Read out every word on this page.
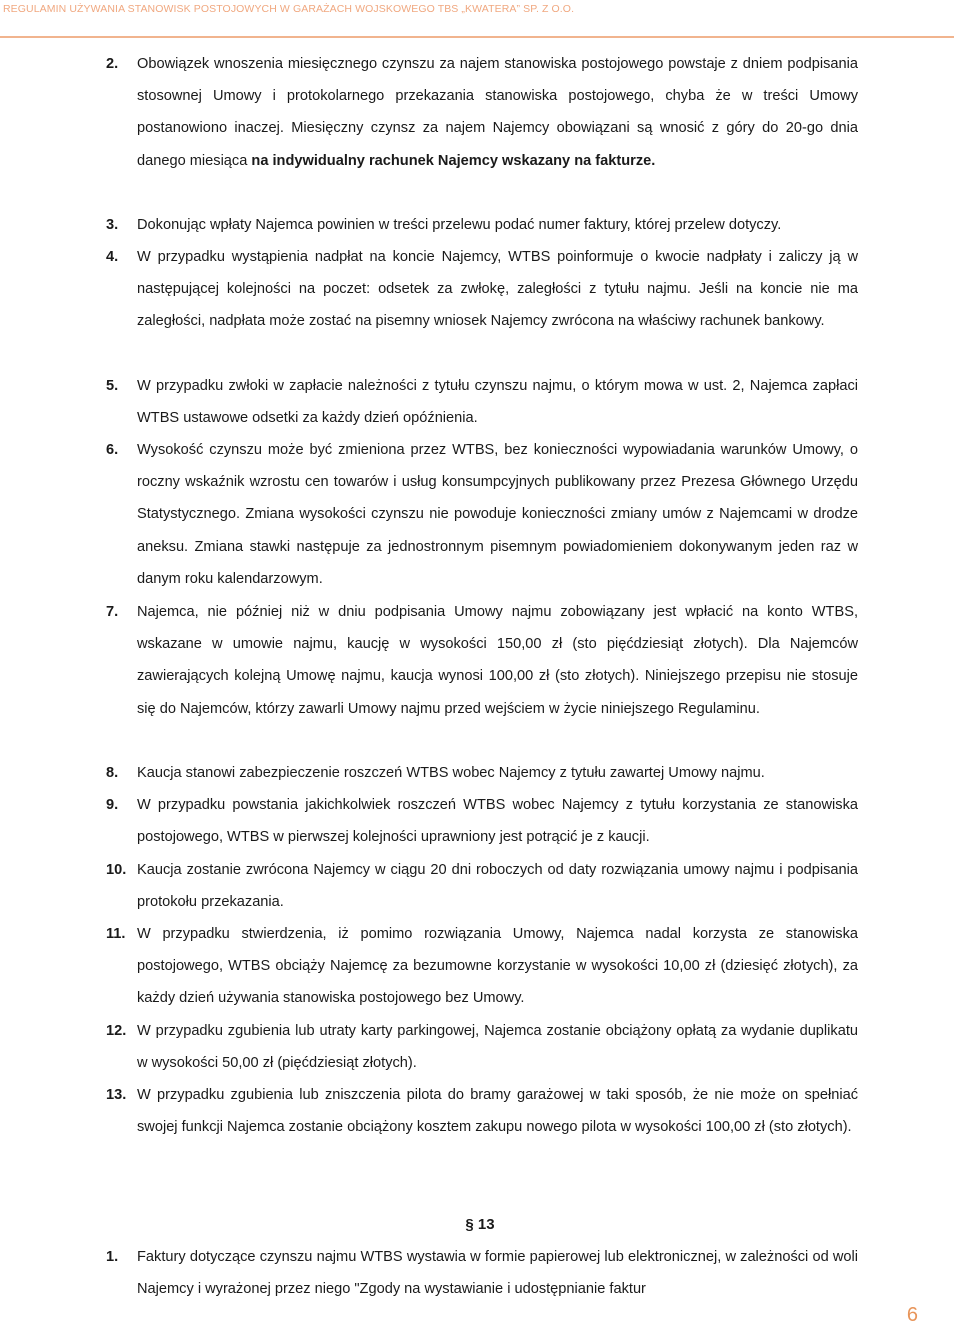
REGULAMIN UŻYWANIA STANOWISK POSTOJOWYCH W GARAŻACH WOJSKOWEGO TBS „KWATERA” SP. Z O.O.
2. Obowiązek wnoszenia miesięcznego czynszu za najem stanowiska postojowego powstaje z dniem podpisania stosownej Umowy i protokolarnego przekazania stanowiska postojowego, chyba że w treści Umowy postanowiono inaczej. Miesięczny czynsz za najem Najemcy obowiązani są wnosić z góry do 20-go dnia danego miesiąca na indywidualny rachunek Najemcy wskazany na fakturze.
3. Dokonując wpłaty Najemca powinien w treści przelewu podać numer faktury, której przelew dotyczy.
4. W przypadku wystąpienia nadpłat na koncie Najemcy, WTBS poinformuje o kwocie nadpłaty i zaliczy ją w następującej kolejności na poczet: odsetek za zwłokę, zaległości z tytułu najmu. Jeśli na koncie nie ma zaległości, nadpłata może zostać na pisemny wniosek Najemcy zwrócona na właściwy rachunek bankowy.
5. W przypadku zwłoki w zapłacie należności z tytułu czynszu najmu, o którym mowa w ust. 2, Najemca zapłaci WTBS ustawowe odsetki za każdy dzień opóźnienia.
6. Wysokość czynszu może być zmieniona przez WTBS, bez konieczności wypowiadania warunków Umowy, o roczny wskaźnik wzrostu cen towarów i usług konsumpcyjnych publikowany przez Prezesa Głównego Urzędu Statystycznego. Zmiana wysokości czynszu nie powoduje konieczności zmiany umów z Najemcami w drodze aneksu. Zmiana stawki następuje za jednostronnym pisemnym powiadomieniem dokonywanym jeden raz w danym roku kalendarzowym.
7. Najemca, nie później niż w dniu podpisania Umowy najmu zobowiązany jest wpłacić na konto WTBS, wskazane w umowie najmu, kaucję w wysokości 150,00 zł (sto pięćdziesiąt złotych). Dla Najemców zawierających kolejną Umowę najmu, kaucja wynosi 100,00 zł (sto złotych). Niniejszego przepisu nie stosuje się do Najemców, którzy zawarli Umowy najmu przed wejściem w życie niniejszego Regulaminu.
8. Kaucja stanowi zabezpieczenie roszczeń WTBS wobec Najemcy z tytułu zawartej Umowy najmu.
9. W przypadku powstania jakichkolwiek roszczeń WTBS wobec Najemcy z tytułu korzystania ze stanowiska postojowego, WTBS w pierwszej kolejności uprawniony jest potrącić je z kaucji.
10. Kaucja zostanie zwrócona Najemcy w ciągu 20 dni roboczych od daty rozwiązania umowy najmu i podpisania protokołu przekazania.
11. W przypadku stwierdzenia, iż pomimo rozwiązania Umowy, Najemca nadal korzysta ze stanowiska postojowego, WTBS obciąży Najemcę za bezumowne korzystanie w wysokości 10,00 zł (dziesięć złotych), za każdy dzień używania stanowiska postojowego bez Umowy.
12. W przypadku zgubienia lub utraty karty parkingowej, Najemca zostanie obciążony opłatą za wydanie duplikatu w wysokości 50,00 zł (pięćdziesiąt złotych).
13. W przypadku zgubienia lub zniszczenia pilota do bramy garażowej w taki sposób, że nie może on spełniać swojej funkcji Najemca zostanie obciążony kosztem zakupu nowego pilota w wysokości 100,00 zł (sto złotych).
§ 13
1. Faktury dotyczące czynszu najmu WTBS wystawia w formie papierowej lub elektronicznej, w zależności od woli Najemcy i wyrażonej przez niego "Zgody na wystawianie i udostępnianie faktur
6
